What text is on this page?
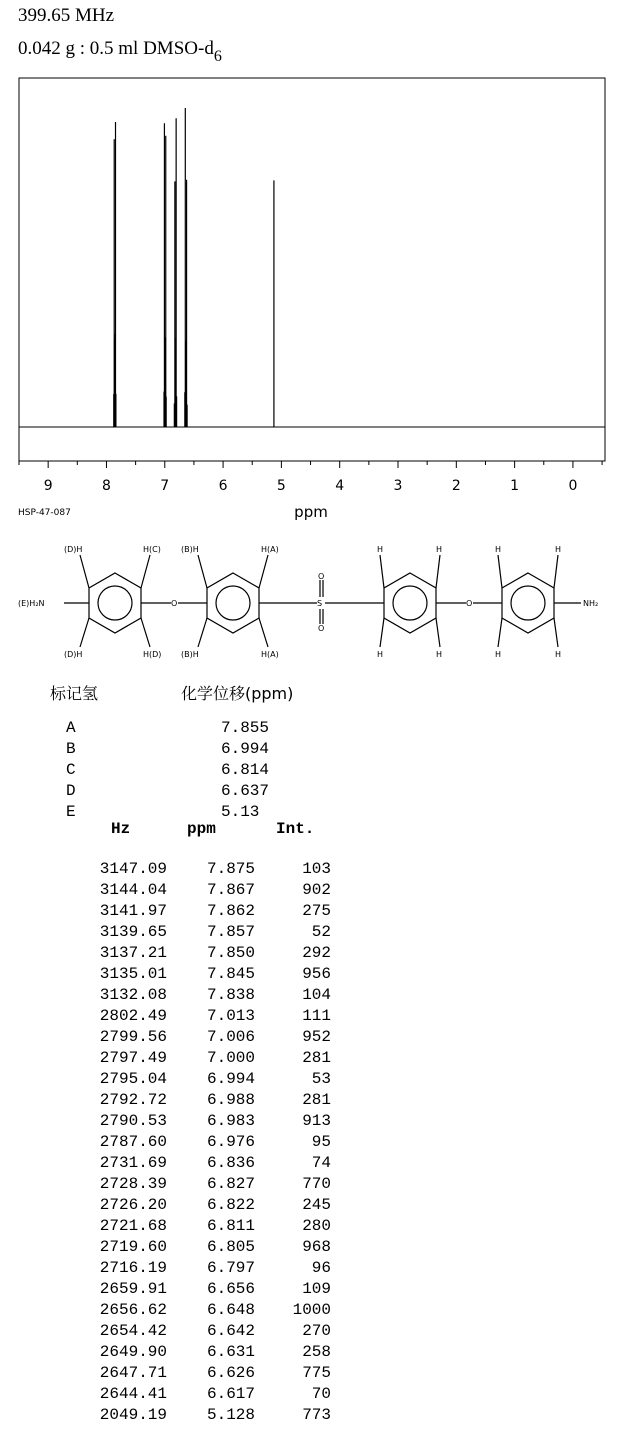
399.65 MHz
0.042 g : 0.5 ml DMSO-$d_6$
9	8	7	6	5	4	3	2	1	0
ppm
HSP-47-087
(D)H	H(C)	(B)H	H(A)
(E)H₂N
(D)H	H(D) (B)H	H(A)
O	S
O
O
O	NH₂
H	H
H	H
H	H
H	H
标记氢	化学位移(ppm)
A	7.855
B	6.994
C	6.814
D	6.637
E	5.13
Hz	ppm	Int.
3147.09	7.875	103
3144.04	7.867	902
3141.97	7.862	275
3139.65	7.857	52
3137.21	7.850	292
3135.01	7.845	956
3132.08	7.838	104
2802.49	7.013	111
2799.56	7.006	952
2797.49	7.000	281
2795.04	6.994	53
2792.72	6.988	281
2790.53	6.983	913
2787.60	6.976	95
2731.69	6.836	74
2728.39	6.827	770
2726.20	6.822	245
2721.68	6.811	280
2719.60	6.805	968
2716.19	6.797	96
2659.91	6.656	109
2656.62	6.648	1000
2654.42	6.642	270
2649.90	6.631	258
2647.71	6.626	775
2644.41	6.617	70
2049.19	5.128	773
